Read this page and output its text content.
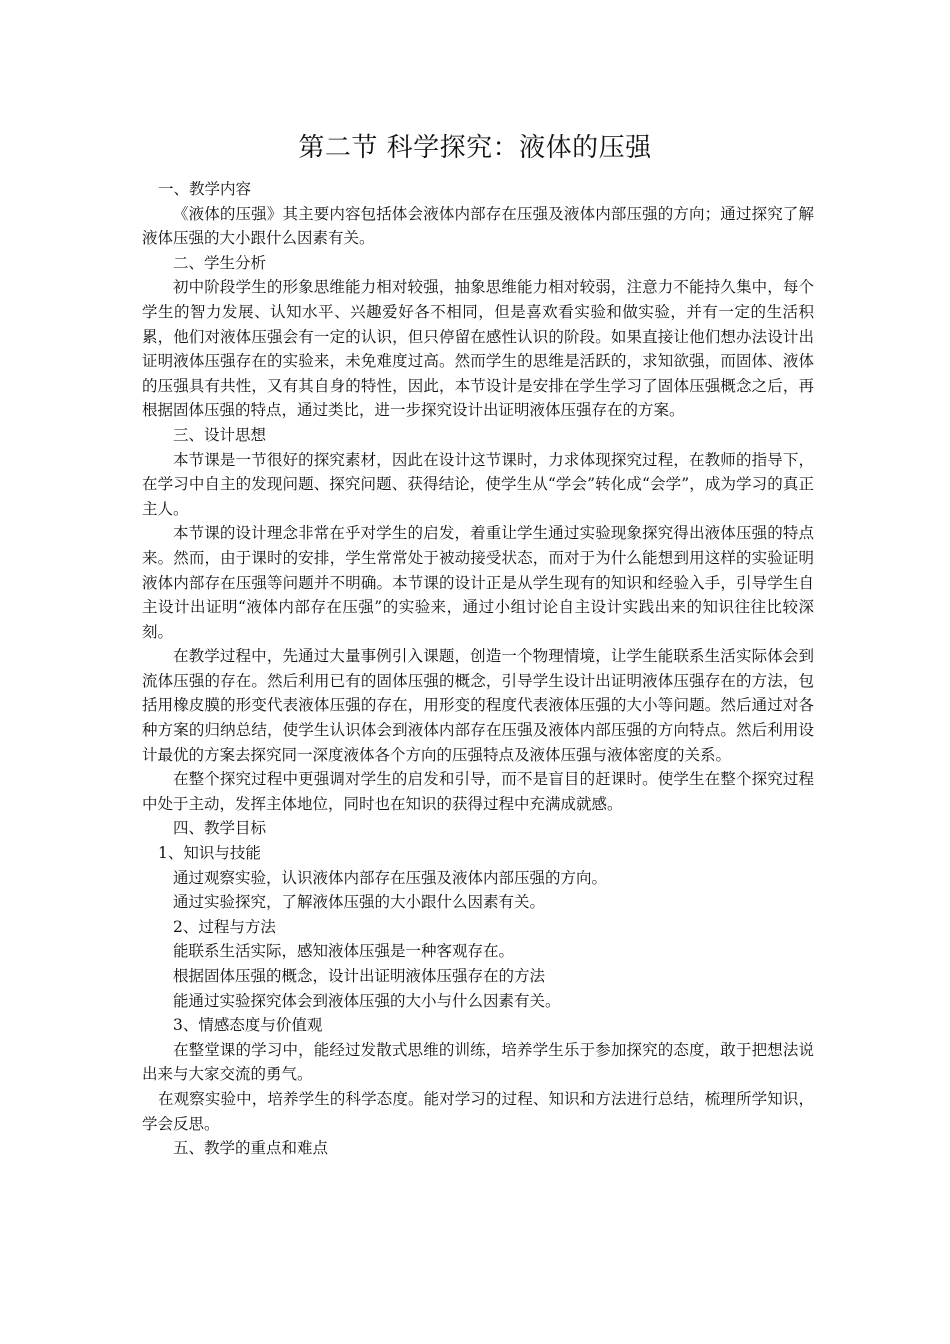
第二节 科学探究：液体的压强

一、教学内容

《液体的压强》其主要内容包括体会液体内部存在压强及液体内部压强的方向；通过探究了解液体压强的大小跟什么因素有关。

二、学生分析

初中阶段学生的形象思维能力相对较强，抽象思维能力相对较弱，注意力不能持久集中，每个学生的智力发展、认知水平、兴趣爱好各不相同，但是喜欢看实验和做实验，并有一定的生活积累，他们对液体压强会有一定的认识，但只停留在感性认识的阶段。如果直接让他们想办法设计出证明液体压强存在的实验来，未免难度过高。然而学生的思维是活跃的，求知欲强，而固体、液体的压强具有共性，又有其自身的特性，因此，本节设计是安排在学生学习了固体压强概念之后，再根据固体压强的特点，通过类比，进一步探究设计出证明液体压强存在的方案。

三、设计思想

本节课是一节很好的探究素材，因此在设计这节课时，力求体现探究过程，在教师的指导下，在学习中自主的发现问题、探究问题、获得结论，使学生从“学会”转化成“会学”，成为学习的真正主人。

本节课的设计理念非常在乎对学生的启发，着重让学生通过实验现象探究得出液体压强的特点来。然而，由于课时的安排，学生常常处于被动接受状态，而对于为什么能想到用这样的实验证明液体内部存在压强等问题并不明确。本节课的设计正是从学生现有的知识和经验入手，引导学生自主设计出证明“液体内部存在压强”的实验来，通过小组讨论自主设计实践出来的知识往往比较深刻。

在教学过程中，先通过大量事例引入课题，创造一个物理情境，让学生能联系生活实际体会到流体压强的存在。然后利用已有的固体压强的概念，引导学生设计出证明液体压强存在的方法，包括用橡皮膜的形变代表液体压强的存在，用形变的程度代表液体压强的大小等问题。然后通过对各种方案的归纳总结，使学生认识体会到液体内部存在压强及液体内部压强的方向特点。然后利用设计最优的方案去探究同一深度液体各个方向的压强特点及液体压强与液体密度的关系。

在整个探究过程中更强调对学生的启发和引导，而不是盲目的赶课时。使学生在整个探究过程中处于主动，发挥主体地位，同时也在知识的获得过程中充满成就感。

四、教学目标

1、知识与技能

通过观察实验，认识液体内部存在压强及液体内部压强的方向。

通过实验探究，了解液体压强的大小跟什么因素有关。

2、过程与方法

能联系生活实际，感知液体压强是一种客观存在。

根据固体压强的概念，设计出证明液体压强存在的方法

能通过实验探究体会到液体压强的大小与什么因素有关。

3、情感态度与价值观

在整堂课的学习中，能经过发散式思维的训练，培养学生乐于参加探究的态度，敢于把想法说出来与大家交流的勇气。

在观察实验中，培养学生的科学态度。能对学习的过程、知识和方法进行总结，梳理所学知识，学会反思。

五、教学的重点和难点
